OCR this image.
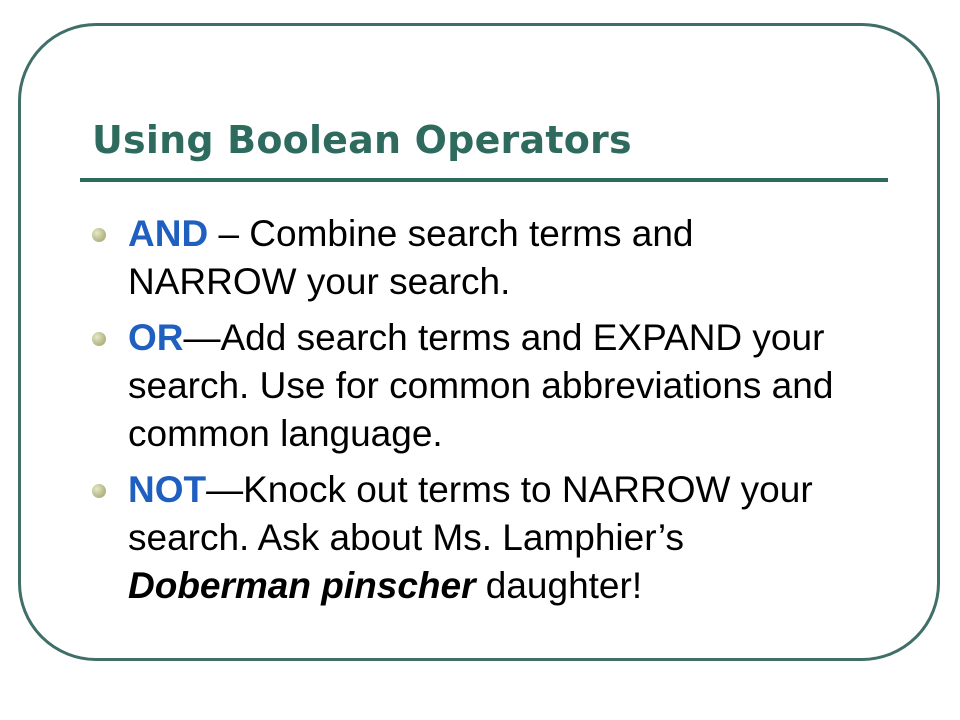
Using Boolean Operators
AND – Combine search terms and NARROW your search.
OR—Add search terms and EXPAND your search. Use for common abbreviations and common language.
NOT—Knock out terms to NARROW your search. Ask about Ms. Lamphier’s Doberman pinscher daughter!
